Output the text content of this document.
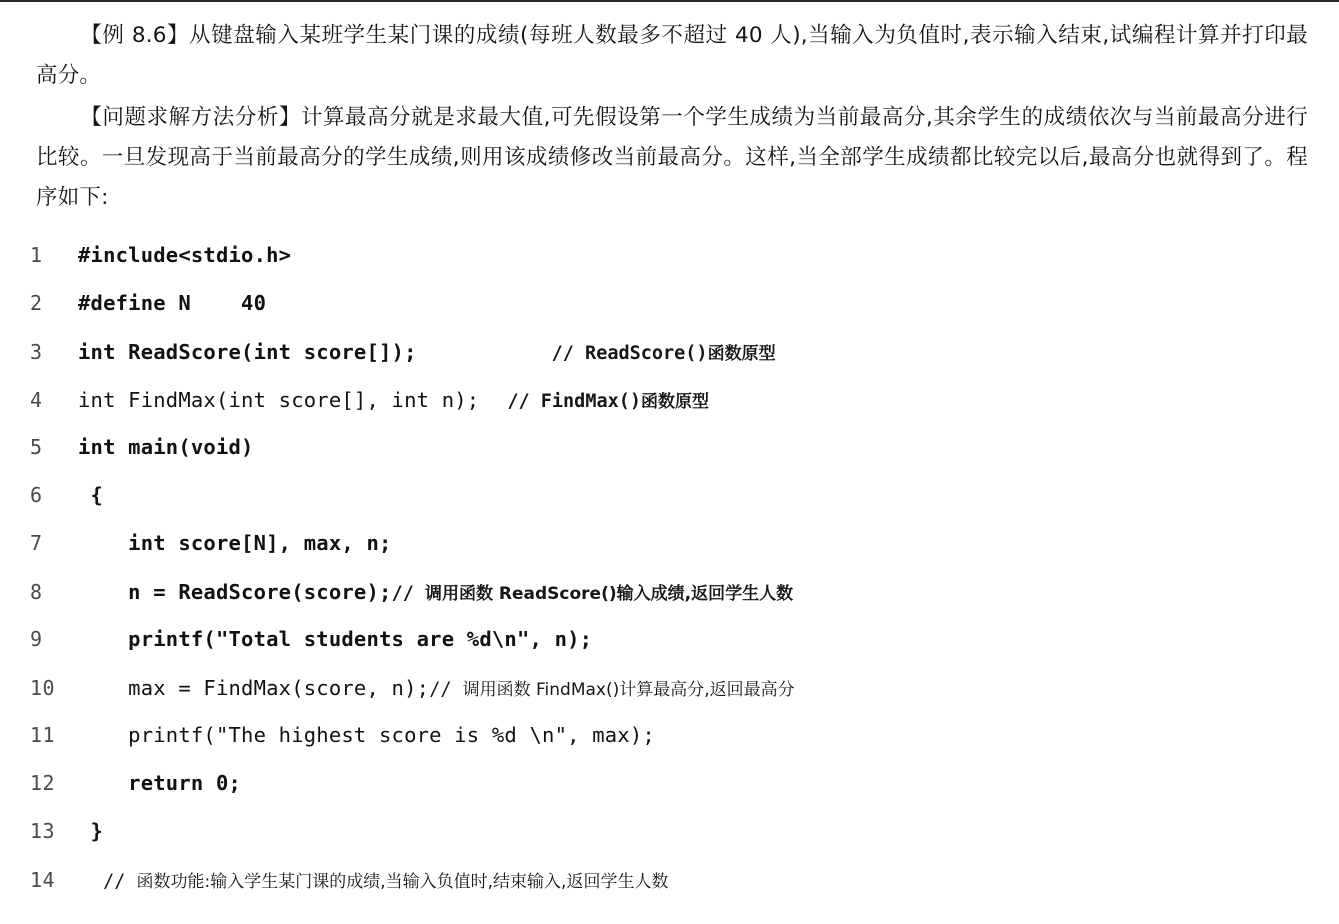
【例 8.6】从键盘输入某班学生某门课的成绩(每班人数最多不超过 40 人),当输入为负值时,表示输入结束,试编程计算并打印最高分。

【问题求解方法分析】计算最高分就是求最大值,可先假设第一个学生成绩为当前最高分,其余学生的成绩依次与当前最高分进行比较。一旦发现高于当前最高分的学生成绩,则用该成绩修改当前最高分。这样,当全部学生成绩都比较完以后,最高分也就得到了。程序如下:

1	#include<stdio.h>
2	#define N    40
3	int ReadScore(int score[]);	// ReadScore() 函数原型
4	int FindMax(int score[], int n); // FindMax() 函数原型
5	int main(void)
6	{
7	int score[N], max, n;
8	n = ReadScore(score); // 调用函数 ReadScore()输入成绩,返回学生人数
9	printf("Total students are %d\n", n);
10	max = FindMax(score, n); // 调用函数 FindMax()计算最高分,返回最高分
11	printf("The highest score is %d \n", max);
12	return 0;
13	}
14
	// 函数功能:输入学生某门课的成绩,当输入负值时,结束输入,返回学生人数
